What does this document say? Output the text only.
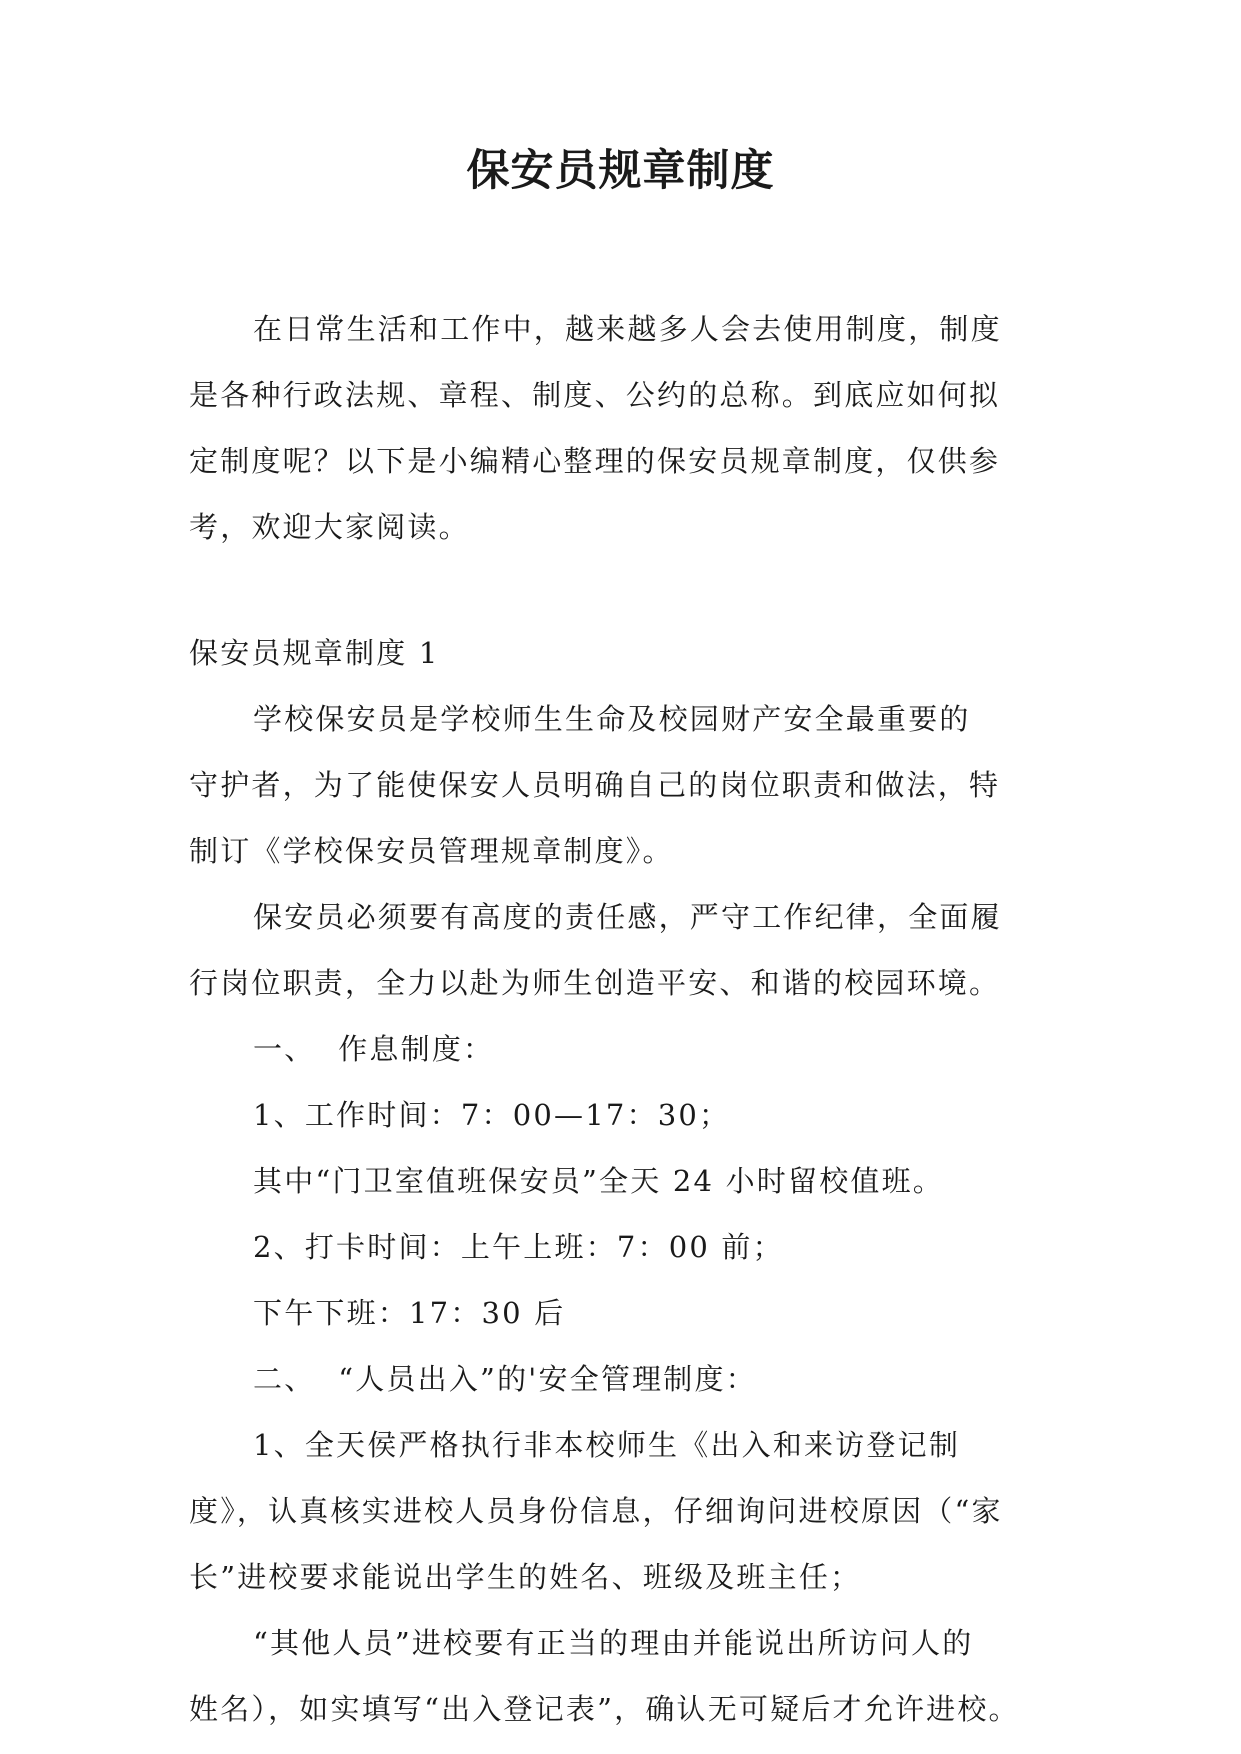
保安员规章制度

在日常生活和工作中，越来越多人会去使用制度，制度

是各种行政法规、章程、制度、公约的总称。到底应如何拟

定制度呢？以下是小编精心整理的保安员规章制度，仅供参

考，欢迎大家阅读。

保安员规章制度 1

学校保安员是学校师生生命及校园财产安全最重要的

守护者，为了能使保安人员明确自己的岗位职责和做法，特

制订《学校保安员管理规章制度》。

保安员必须要有高度的责任感，严守工作纪律，全面履

行岗位职责，全力以赴为师生创造平安、和谐的校园环境。

一、  作息制度：

1、工作时间：7：00—17：30；

其中“门卫室值班保安员”全天 24 小时留校值班。

2、打卡时间：上午上班：7：00 前；

下午下班：17：30 后

二、  “人员出入”的'安全管理制度：

1、全天侯严格执行非本校师生《出入和来访登记制

度》，认真核实进校人员身份信息，仔细询问进校原因（“家

长”进校要求能说出学生的姓名、班级及班主任；

“其他人员”进校要有正当的理由并能说出所访问人的

姓名），如实填写“出入登记表”，确认无可疑后才允许进校。
